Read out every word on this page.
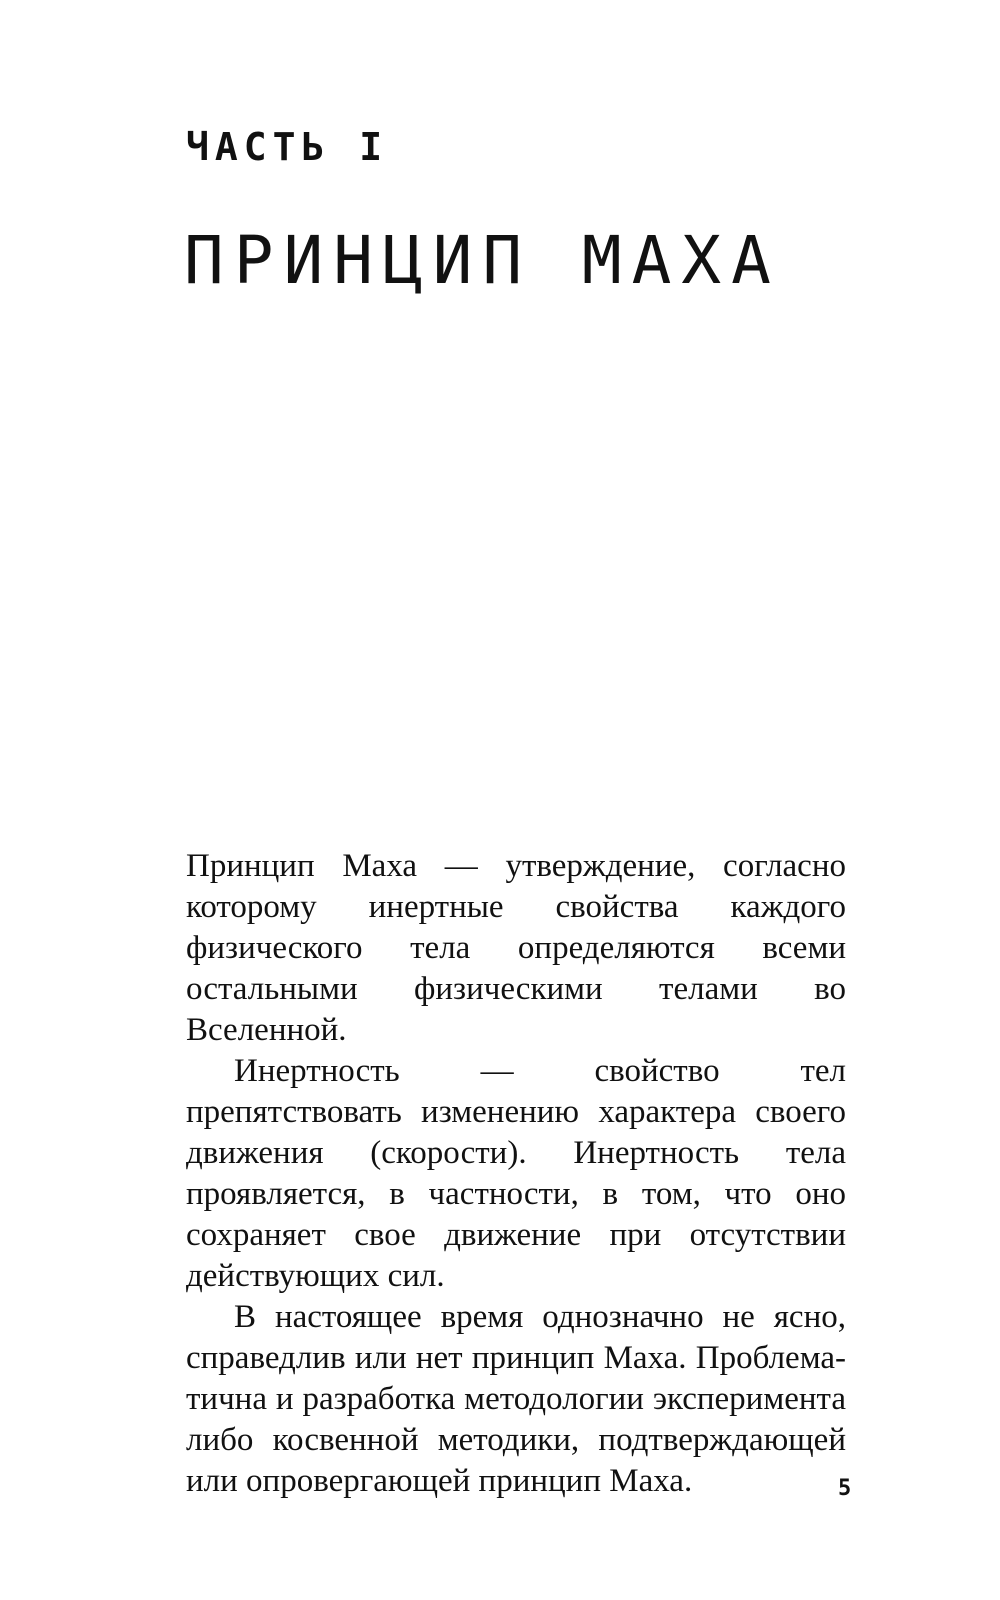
ЧАСТЬ I
ПРИНЦИП МАХА

Принцип Маха — утверждение, согласно которому инертные свойства каждого физического тела определяются всеми остальными физическими телами во Вселенной.

Инертность — свойство тел препятствовать изменению характера своего движения (скорости). Инертность тела проявляется, в частности, в том, что оно сохраняет свое движение при отсутствии действующих сил.

В настоящее время однозначно не ясно, справедлив или нет принцип Маха. Проблематична и разработка методологии эксперимента либо косвенной методики, подтверждающей или опровергающей принцип Маха.	5
